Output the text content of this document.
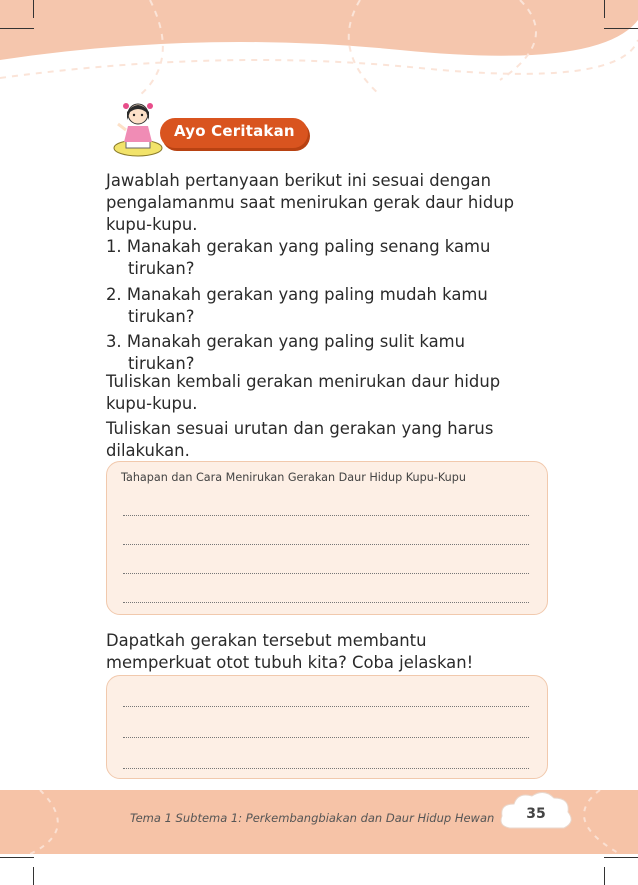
Ayo Ceritakan
Jawablah pertanyaan berikut ini sesuai dengan pengalamanmu saat menirukan gerak daur hidup kupu-kupu.
1. Manakah gerakan yang paling senang kamu
tirukan?
2. Manakah gerakan yang paling mudah kamu
tirukan?
3. Manakah gerakan yang paling sulit kamu
tirukan?
Tuliskan kembali gerakan menirukan daur hidup kupu-kupu.
Tuliskan sesuai urutan dan gerakan yang harus dilakukan.
Tahapan dan Cara Menirukan Gerakan Daur Hidup Kupu-Kupu
Dapatkah gerakan tersebut membantu memperkuat otot tubuh kita? Coba jelaskan!
Tema 1 Subtema 1: Perkembangbiakan dan Daur Hidup Hewan	35
